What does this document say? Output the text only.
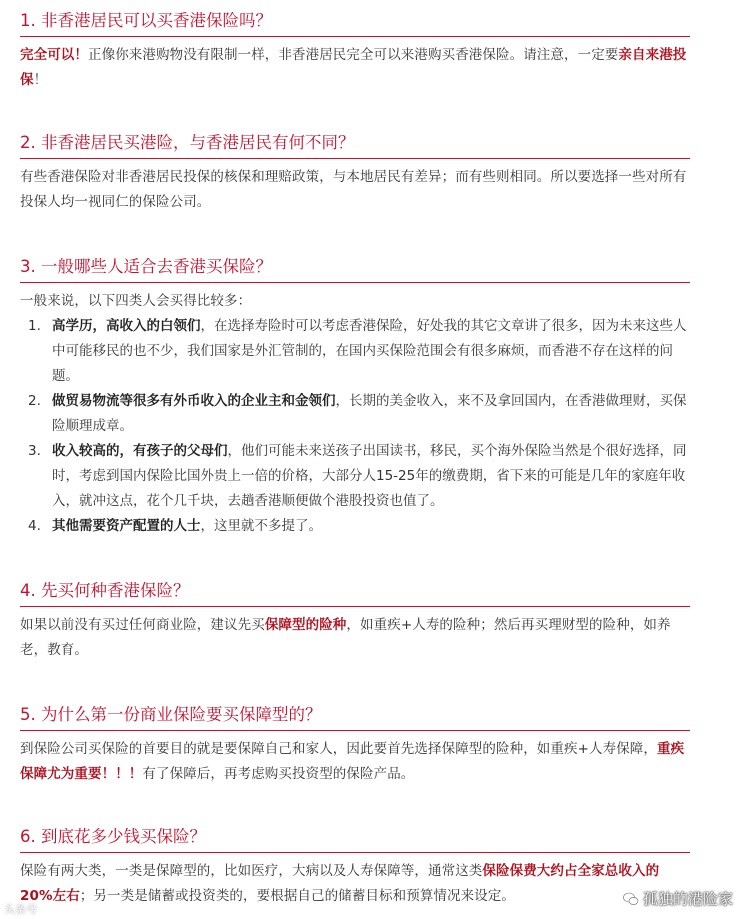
1. 非香港居民可以买香港保险吗？
完全可以！正像你来港购物没有限制一样，非香港居民完全可以来港购买香港保险。请注意，一定要亲自来港投保！
2. 非香港居民买港险，与香港居民有何不同？
有些香港保险对非香港居民投保的核保和理赔政策，与本地居民有差异；而有些则相同。所以要选择一些对所有投保人均一视同仁的保险公司。
3. 一般哪些人适合去香港买保险？
一般来说，以下四类人会买得比较多：
1. 高学历，高收入的白领们，在选择寿险时可以考虑香港保险，好处我的其它文章讲了很多，因为未来这些人中可能移民的也不少，我们国家是外汇管制的，在国内买保险范围会有很多麻烦，而香港不存在这样的问题。
2. 做贸易物流等很多有外币收入的企业主和金领们，长期的美金收入，来不及拿回国内，在香港做理财，买保险顺理成章。
3. 收入较高的，有孩子的父母们，他们可能未来送孩子出国读书，移民，买个海外保险当然是个很好选择，同时，考虑到国内保险比国外贵上一倍的价格，大部分人15-25年的缴费期，省下来的可能是几年的家庭年收入，就冲这点，花个几千块，去趟香港顺便做个港股投资也值了。
4. 其他需要资产配置的人士，这里就不多提了。
4. 先买何种香港保险？
如果以前没有买过任何商业险，建议先买保障型的险种，如重疾+人寿的险种；然后再买理财型的险种，如养老，教育。
5. 为什么第一份商业保险要买保障型的？
到保险公司买保险的首要目的就是要保障自己和家人，因此要首先选择保障型的险种，如重疾+人寿保障，重疾保障尤为重要！！！有了保障后，再考虑购买投资型的保险产品。
6. 到底花多少钱买保险？
保险有两大类，一类是保障型的，比如医疗，大病以及人寿保障等，通常这类保险保费大约占全家总收入的20%左右；另一类是储蓄或投资类的，要根据自己的储蓄目标和预算情况来设定。	孤独的港险家
头条号
